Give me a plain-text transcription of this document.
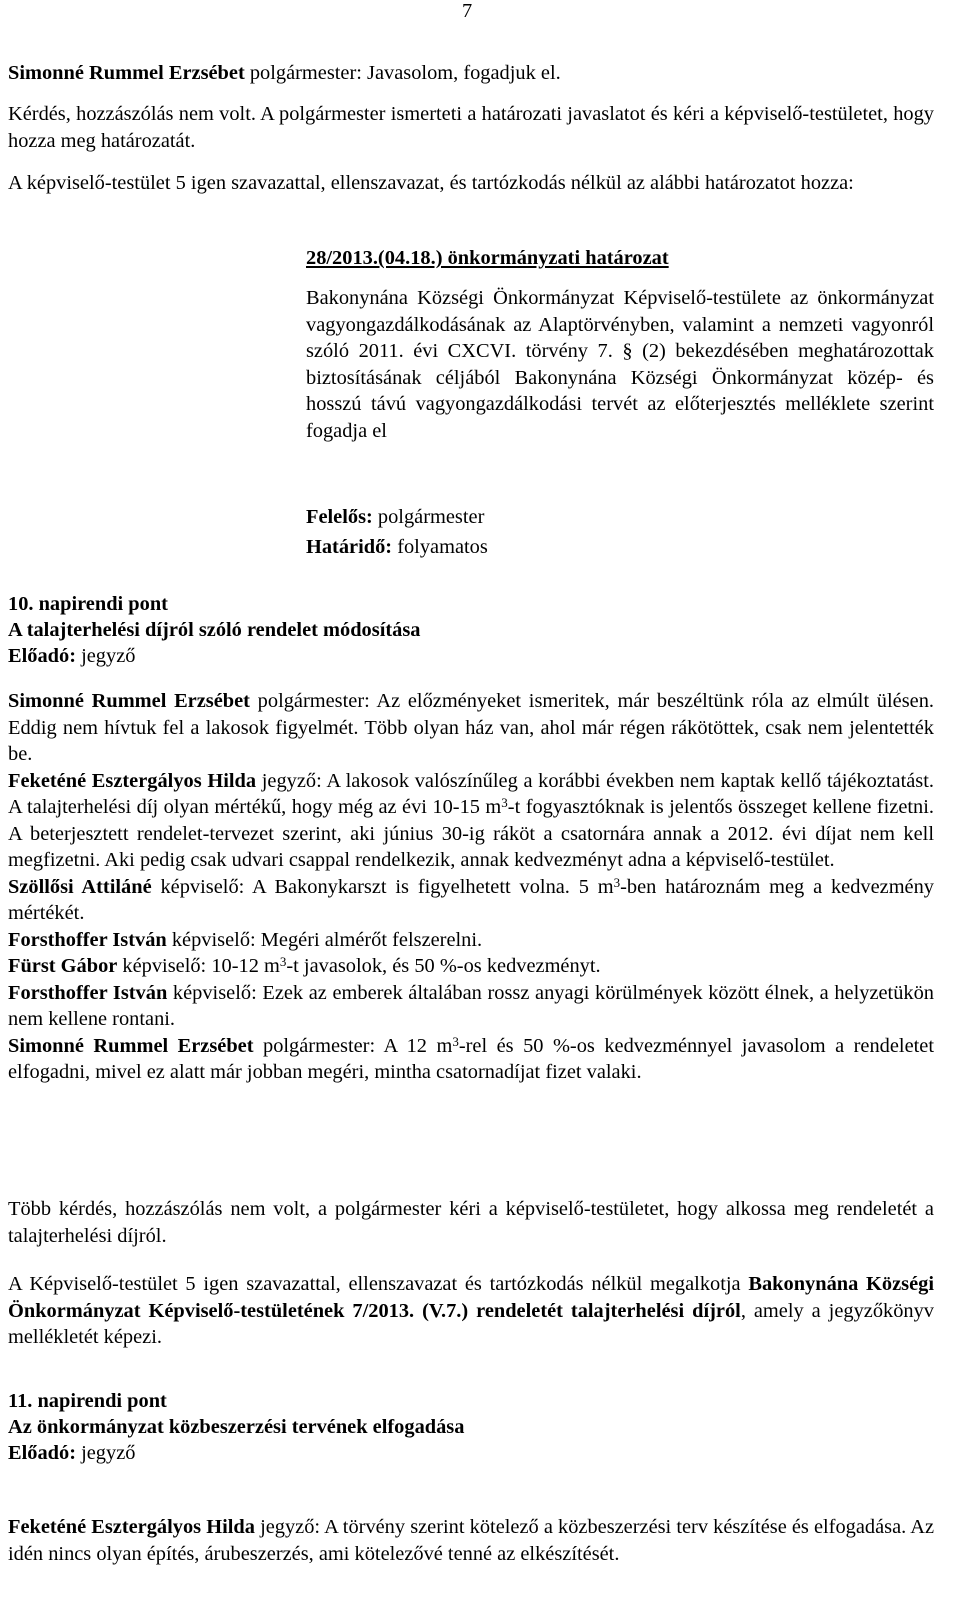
7

Simonné Rummel Erzsébet polgármester: Javasolom, fogadjuk el.

Kérdés, hozzászólás nem volt. A polgármester ismerteti a határozati javaslatot és kéri a képviselő-testületet, hogy hozza meg határozatát.

A képviselő-testület 5 igen szavazattal, ellenszavazat, és tartózkodás nélkül az alábbi határozatot hozza:

28/2013.(04.18.) önkormányzati határozat

Bakonynána Községi Önkormányzat Képviselő-testülete az önkormányzat vagyongazdálkodásának az Alaptörvényben, valamint a nemzeti vagyonról szóló 2011. évi CXCVI. törvény 7. § (2) bekezdésében meghatározottak biztosításának céljából Bakonynána Községi Önkormányzat közép- és hosszú távú vagyongazdálkodási tervét az előterjesztés melléklete szerint fogadja el

Felelős: polgármester
Határidő: folyamatos
10. napirendi pont
A talajterhelési díjról szóló rendelet módosítása
Előadó: jegyző

Simonné Rummel Erzsébet polgármester: Az előzményeket ismeritek, már beszéltünk róla az elmúlt ülésen. Eddig nem hívtuk fel a lakosok figyelmét. Több olyan ház van, ahol már régen rákötöttek, csak nem jelentették be.

Feketéné Esztergályos Hilda jegyző: A lakosok valószínűleg a korábbi években nem kaptak kellő tájékoztatást. A talajterhelési díj olyan mértékű, hogy még az évi 10-15 $m^3-t$ fogyasztóknak is jelentős összeget kellene fizetni. A beterjesztett rendelet-tervezet szerint, aki június 30-ig ráköt a csatornára annak a 2012. évi díjat nem kell megfizetni. Aki pedig csak udvari csappal rendelkezik, annak kedvezményt adna a képviselő-testület.

Szöllősi Attiláné képviselő: A Bakonykarszt is figyelhetett volna. 5 $m^3$-ben határoznám meg a kedvezmény mértékét.

Forsthoffer István képviselő: Megéri almérőt felszerelni.

Fürst Gábor képviselő: 10-12 $m^3-t$ javasolok, és 50 %-os kedvezményt.

Forsthoffer István képviselő: Ezek az emberek általában rossz anyagi körülmények között élnek, a helyzetükön nem kellene rontani.

Simonné Rummel Erzsébet polgármester: A 12 $m^3$-rel és 50 %-os kedvezménnyel javasolom a rendeletet elfogadni, mivel ez alatt már jobban megéri, mintha csatornadíjat fizet valaki.

Több kérdés, hozzászólás nem volt, a polgármester kéri a képviselő-testületet, hogy alkossa meg rendeletét a talajterhelési díjról.

A Képviselő-testület 5 igen szavazattal, ellenszavazat és tartózkodás nélkül megalkotja Bakonynána Községi Önkormányzat Képviselő-testületének 7/2013. (V.7.) rendeletét talajterhelési díjról, amely a jegyzőkönyv mellékletét képezi.

11. napirendi pont
Az önkormányzat közbeszerzési tervének elfogadása
Előadó: jegyző

Feketéné Esztergályos Hilda jegyző: A törvény szerint kötelező a közbeszerzési terv készítése és elfogadása. Az idén nincs olyan építés, árubeszerzés, ami kötelezővé tenné az elkészítését.
